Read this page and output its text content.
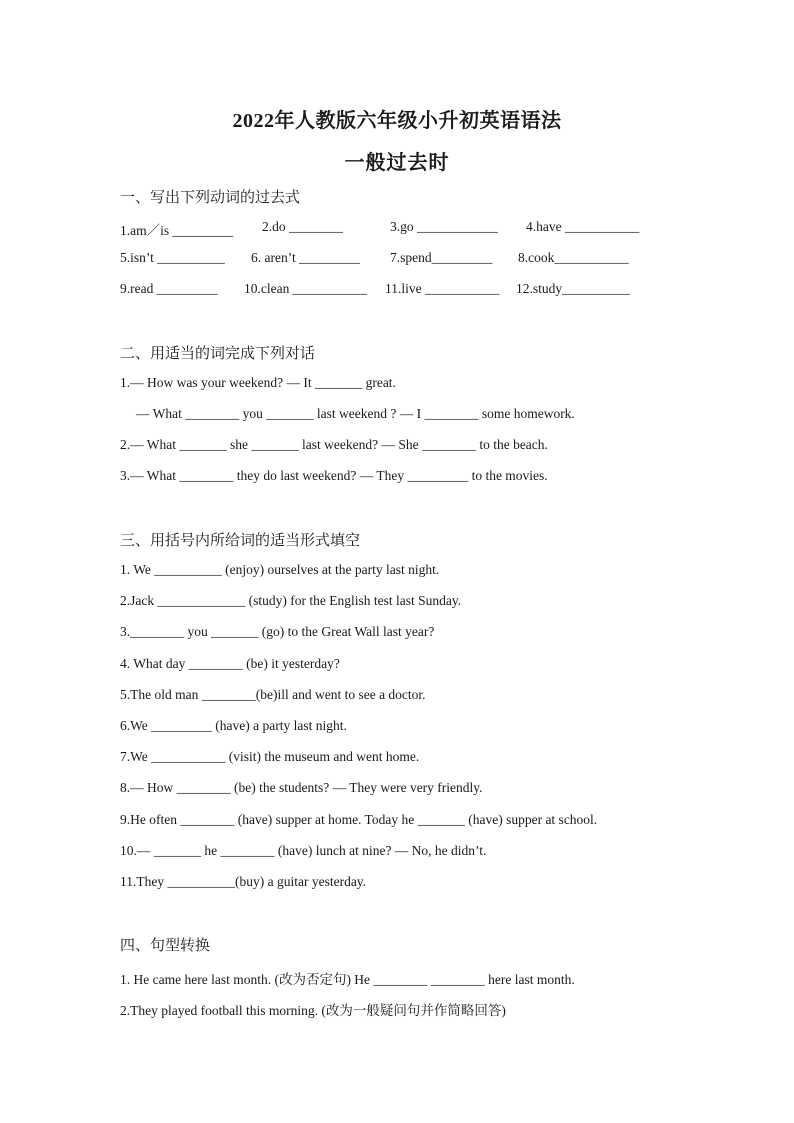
2022年人教版六年级小升初英语语法
一般过去时
一、写出下列动词的过去式
1.am／is _________ 2.do ________	3.go ____________ 4.have ___________
5.isn’t __________ 6. aren’t _________ 7.spend_________ 8.cook___________
9.read _________ 10.clean ___________ 11.live ___________ 12.study__________
二、用适当的词完成下列对话
1.— How was your weekend? — It _______ great.
— What ________ you _______ last weekend ? — I ________ some homework.
2.— What _______ she _______ last weekend? — She ________ to the beach.
3.— What ________ they do last weekend? — They _________ to the movies.
三、用括号内所给词的适当形式填空
1. We __________ (enjoy) ourselves at the party last night.
2.Jack _____________ (study) for the English test last Sunday.
3.________ you _______ (go) to the Great Wall last year?
4. What day ________ (be) it yesterday?
5.The old man ________(be)ill and went to see a doctor.
6.We _________ (have) a party last night.
7.We ___________ (visit) the museum and went home.
8.— How ________ (be) the students? — They were very friendly.
9.He often ________ (have) supper at home. Today he _______ (have) supper at school.
10.— _______ he ________ (have) lunch at nine? — No, he didn’t.
11.They __________(buy) a guitar yesterday.
四、句型转换
1. He came here last month. (改为否定句) He ________ ________ here last month.
2.They played football this morning. (改为一般疑问句并作简略回答)
